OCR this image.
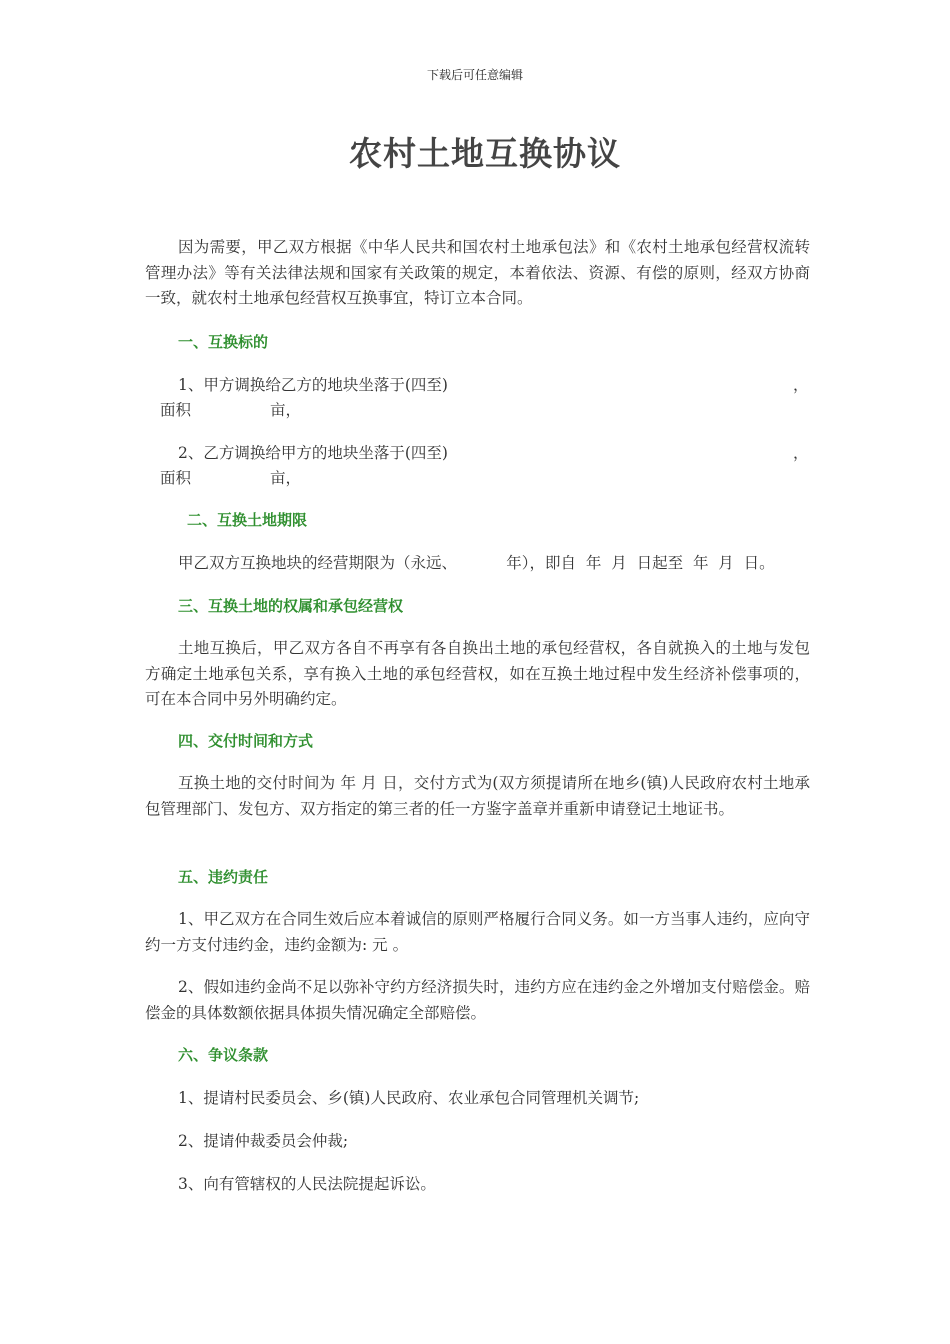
下载后可任意编辑
农村土地互换协议
因为需要，甲乙双方根据《中华人民共和国农村土地承包法》和《农村土地承包经营权流转管理办法》等有关法律法规和国家有关政策的规定，本着依法、资源、有偿的原则，经双方协商一致，就农村土地承包经营权互换事宜，特订立本合同。
一、互换标的
1、甲方调换给乙方的地块坐落于(四至)	，
面积	亩，
2、乙方调换给甲方的地块坐落于(四至)	，
面积	亩，
二、互换土地期限
甲乙双方互换地块的经营期限为（永远、          年），即自  年  月  日起至  年  月  日。
三、互换土地的权属和承包经营权
土地互换后，甲乙双方各自不再享有各自换出土地的承包经营权，各自就换入的土地与发包方确定土地承包关系，享有换入土地的承包经营权，如在互换土地过程中发生经济补偿事项的，可在本合同中另外明确约定。
四、交付时间和方式
互换土地的交付时间为 年 月 日，交付方式为(双方须提请所在地乡(镇)人民政府农村土地承包管理部门、发包方、双方指定的第三者的任一方鉴字盖章并重新申请登记土地证书。
五、违约责任
1、甲乙双方在合同生效后应本着诚信的原则严格履行合同义务。如一方当事人违约，应向守约一方支付违约金，违约金额为: 元 。
2、假如违约金尚不足以弥补守约方经济损失时，违约方应在违约金之外增加支付赔偿金。赔偿金的具体数额依据具体损失情况确定全部赔偿。
六、争议条款
1、提请村民委员会、乡(镇)人民政府、农业承包合同管理机关调节;
2、提请仲裁委员会仲裁;
3、向有管辖权的人民法院提起诉讼。
